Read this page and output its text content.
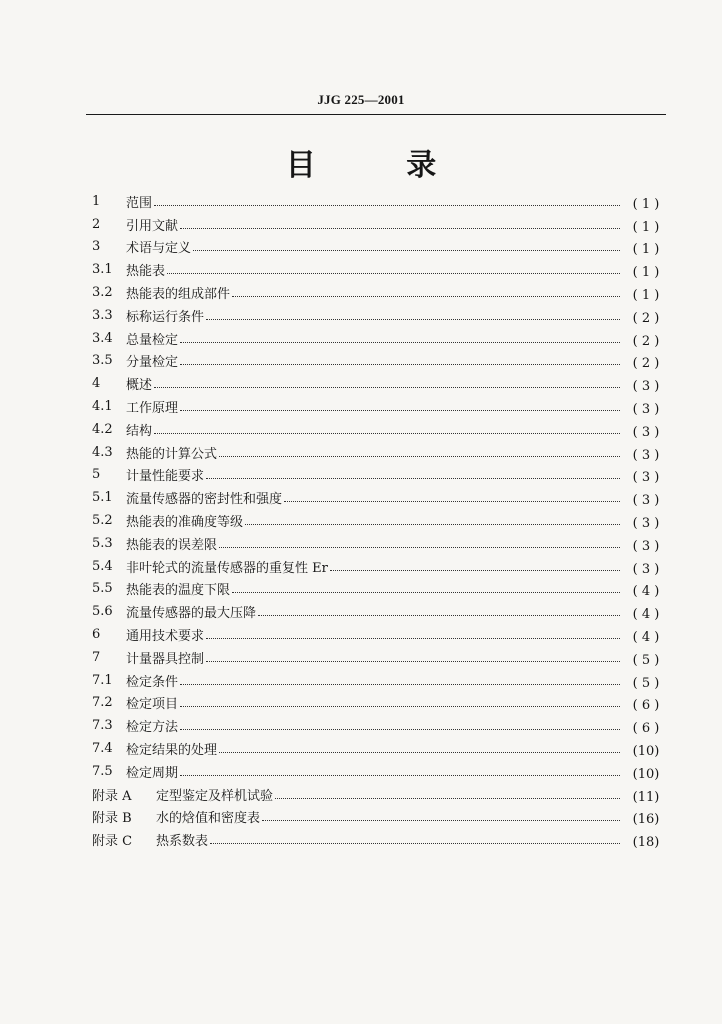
JJG 225—2001
目 录
1	范围	( 1 )
2	引用文献	( 1 )
3	术语与定义	( 1 )
3.1	热能表	( 1 )
3.2	热能表的组成部件	( 1 )
3.3	标称运行条件	( 2 )
3.4	总量检定	( 2 )
3.5	分量检定	( 2 )
4	概述	( 3 )
4.1	工作原理	( 3 )
4.2	结构	( 3 )
4.3	热能的计算公式	( 3 )
5	计量性能要求	( 3 )
5.1	流量传感器的密封性和强度	( 3 )
5.2	热能表的准确度等级	( 3 )
5.3	热能表的误差限	( 3 )
5.4	非叶轮式的流量传感器的重复性 Er	( 3 )
5.5	热能表的温度下限	( 4 )
5.6	流量传感器的最大压降	( 4 )
6	通用技术要求	( 4 )
7	计量器具控制	( 5 )
7.1	检定条件	( 5 )
7.2	检定项目	( 6 )
7.3	检定方法	( 6 )
7.4	检定结果的处理	(10)
7.5	检定周期	(10)
附录 A	定型鉴定及样机试验	(11)
附录 B	水的焓值和密度表	(16)
附录 C	热系数表	(18)
